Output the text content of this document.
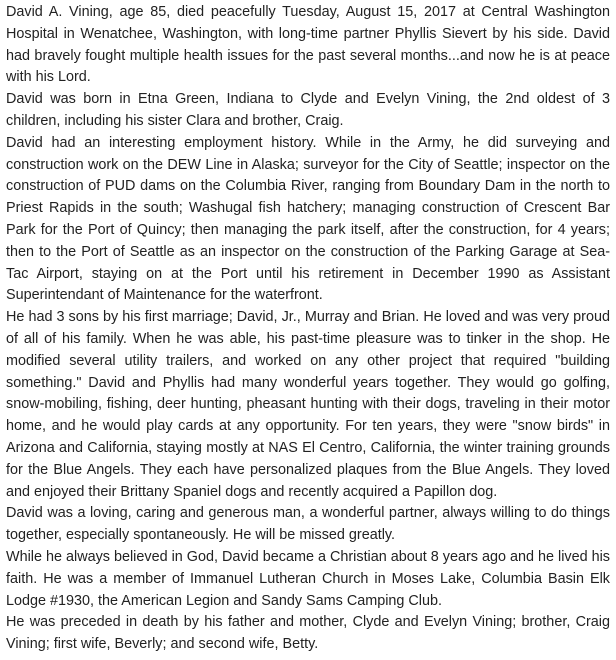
David A. Vining, age 85, died peacefully Tuesday, August 15, 2017 at Central Washington Hospital in Wenatchee, Washington, with long-time partner Phyllis Sievert by his side. David had bravely fought multiple health issues for the past several months...and now he is at peace with his Lord.

David was born in Etna Green, Indiana to Clyde and Evelyn Vining, the 2nd oldest of 3 children, including his sister Clara and brother, Craig.

David had an interesting employment history. While in the Army, he did surveying and construction work on the DEW Line in Alaska; surveyor for the City of Seattle; inspector on the construction of PUD dams on the Columbia River, ranging from Boundary Dam in the north to Priest Rapids in the south; Washugal fish hatchery; managing construction of Crescent Bar Park for the Port of Quincy; then managing the park itself, after the construction, for 4 years; then to the Port of Seattle as an inspector on the construction of the Parking Garage at Sea-Tac Airport, staying on at the Port until his retirement in December 1990 as Assistant Superintendant of Maintenance for the waterfront.

He had 3 sons by his first marriage; David, Jr., Murray and Brian. He loved and was very proud of all of his family. When he was able, his past-time pleasure was to tinker in the shop. He modified several utility trailers, and worked on any other project that required "building something." David and Phyllis had many wonderful years together. They would go golfing, snow-mobiling, fishing, deer hunting, pheasant hunting with their dogs, traveling in their motor home, and he would play cards at any opportunity. For ten years, they were "snow birds" in Arizona and California, staying mostly at NAS El Centro, California, the winter training grounds for the Blue Angels. They each have personalized plaques from the Blue Angels. They loved and enjoyed their Brittany Spaniel dogs and recently acquired a Papillon dog.

David was a loving, caring and generous man, a wonderful partner, always willing to do things together, especially spontaneously. He will be missed greatly.

While he always believed in God, David became a Christian about 8 years ago and he lived his faith. He was a member of Immanuel Lutheran Church in Moses Lake, Columbia Basin Elk Lodge #1930, the American Legion and Sandy Sams Camping Club.

He was preceded in death by his father and mother, Clyde and Evelyn Vining; brother, Craig Vining; first wife, Beverly; and second wife, Betty.
